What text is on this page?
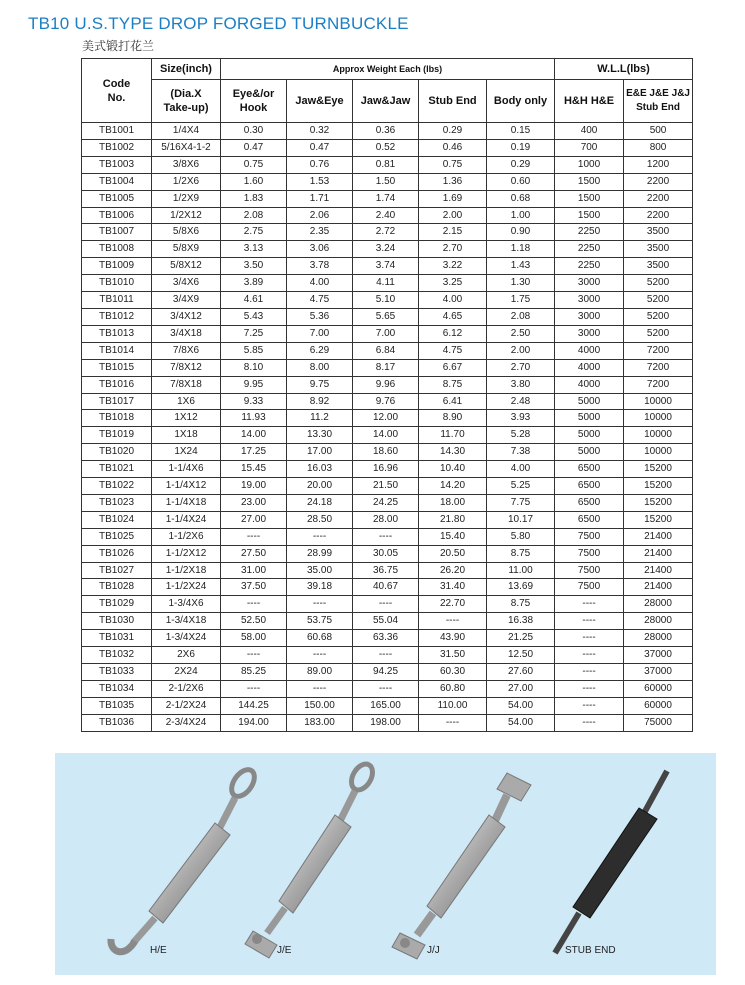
TB10 U.S.TYPE DROP FORGED TURNBUCKLE
美式锻打花兰
Code No.	Size(inch)	Approx Weight Each (lbs)					W.L.L(lbs)	

	(Dia.X Take-up)	Eye&/or Hook	Jaw&Eye	Jaw&Jaw	Stub End	Body only	H&H H&E	E&E J&E J&J Stub End

TB1001	1/4X4	0.30	0.32	0.36	0.29	0.15	400	500
TB1002	5/16X4-1-2	0.47	0.47	0.52	0.46	0.19	700	800
TB1003	3/8X6	0.75	0.76	0.81	0.75	0.29	1000	1200
TB1004	1/2X6	1.60	1.53	1.50	1.36	0.60	1500	2200
TB1005	1/2X9	1.83	1.71	1.74	1.69	0.68	1500	2200
TB1006	1/2X12	2.08	2.06	2.40	2.00	1.00	1500	2200
TB1007	5/8X6	2.75	2.35	2.72	2.15	0.90	2250	3500
TB1008	5/8X9	3.13	3.06	3.24	2.70	1.18	2250	3500
TB1009	5/8X12	3.50	3.78	3.74	3.22	1.43	2250	3500
TB1010	3/4X6	3.89	4.00	4.11	3.25	1.30	3000	5200
TB1011	3/4X9	4.61	4.75	5.10	4.00	1.75	3000	5200
TB1012	3/4X12	5.43	5.36	5.65	4.65	2.08	3000	5200
TB1013	3/4X18	7.25	7.00	7.00	6.12	2.50	3000	5200
TB1014	7/8X6	5.85	6.29	6.84	4.75	2.00	4000	7200
TB1015	7/8X12	8.10	8.00	8.17	6.67	2.70	4000	7200
TB1016	7/8X18	9.95	9.75	9.96	8.75	3.80	4000	7200
TB1017	1X6	9.33	8.92	9.76	6.41	2.48	5000	10000
TB1018	1X12	11.93	11.2	12.00	8.90	3.93	5000	10000
TB1019	1X18	14.00	13.30	14.00	11.70	5.28	5000	10000
TB1020	1X24	17.25	17.00	18.60	14.30	7.38	5000	10000
TB1021	1-1/4X6	15.45	16.03	16.96	10.40	4.00	6500	15200
TB1022	1-1/4X12	19.00	20.00	21.50	14.20	5.25	6500	15200
TB1023	1-1/4X18	23.00	24.18	24.25	18.00	7.75	6500	15200
TB1024	1-1/4X24	27.00	28.50	28.00	21.80	10.17	6500	15200
TB1025	1-1/2X6	----	----	----	15.40	5.80	7500	21400
TB1026	1-1/2X12	27.50	28.99	30.05	20.50	8.75	7500	21400
TB1027	1-1/2X18	31.00	35.00	36.75	26.20	11.00	7500	21400
TB1028	1-1/2X24	37.50	39.18	40.67	31.40	13.69	7500	21400
TB1029	1-3/4X6	----	----	----	22.70	8.75	----	28000
TB1030	1-3/4X18	52.50	53.75	55.04	----	16.38	----	28000
TB1031	1-3/4X24	58.00	60.68	63.36	43.90	21.25	----	28000
TB1032	2X6	----	----	----	31.50	12.50	----	37000
TB1033	2X24	85.25	89.00	94.25	60.30	27.60	----	37000
TB1034	2-1/2X6	----	----	----	60.80	27.00	----	60000
TB1035	2-1/2X24	144.25	150.00	165.00	110.00	54.00	----	60000
TB1036	2-3/4X24	194.00	183.00	198.00	----	54.00	----	75000
H/E	J/E	J/J	STUB END
